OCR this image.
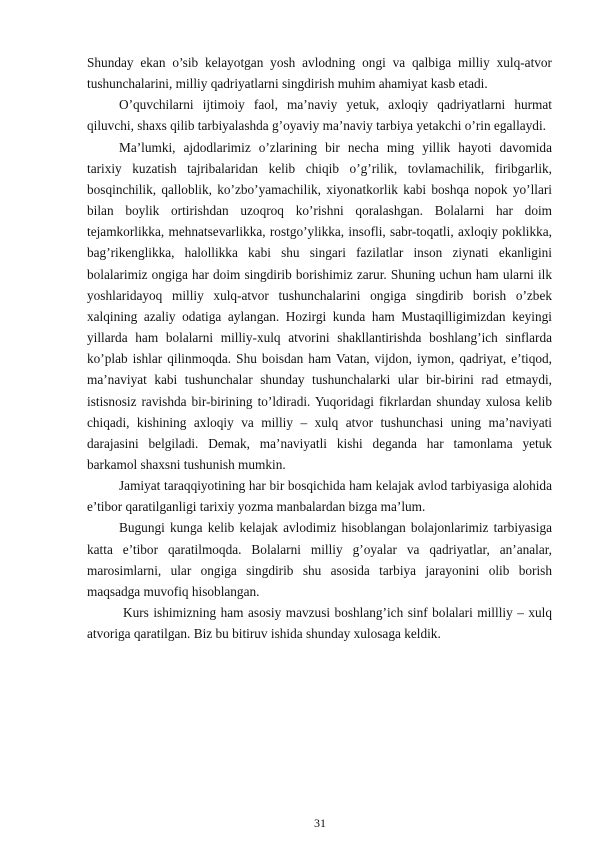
Shunday ekan o’sib kelayotgan yosh avlodning ongi va qalbiga milliy xulq-atvor tushunchalarini, milliy qadriyatlarni singdirish muhim ahamiyat kasb etadi.

O’quvchilarni ijtimoiy faol, ma’naviy yetuk, axloqiy qadriyatlarni hurmat qiluvchi, shaxs qilib tarbiyalashda g’oyaviy ma’naviy tarbiya yetakchi o’rin egallaydi.

Ma’lumki, ajdodlarimiz o’zlarining bir necha ming yillik hayoti davomida tarixiy kuzatish tajribalaridan kelib chiqib o’g’rilik, tovlamachilik, firibgarlik, bosqinchilik, qalloblik, ko’zbo’yamachilik, xiyonatkorlik kabi boshqa nopok yo’llari bilan boylik ortirishdan uzoqroq ko’rishni qoralashgan. Bolalarni har doim tejamkorlikka, mehnatsevarlikka, rostgo’ylikka, insofli, sabr-toqatli, axloqiy poklikka, bag’rikenglikka, halollikka kabi shu singari fazilatlar inson ziynati ekanligini bolalarimiz ongiga har doim singdirib borishimiz zarur. Shuning uchun ham ularni ilk yoshlaridayoq milliy xulq-atvor tushunchalarini ongiga singdirib borish o’zbek xalqining azaliy odatiga aylangan. Hozirgi kunda ham Mustaqilligimizdan keyingi yillarda ham bolalarni milliy-xulq atvorini shakllantirishda boshlang’ich sinflarda ko’plab ishlar qilinmoqda. Shu boisdan ham Vatan, vijdon, iymon, qadriyat, e’tiqod, ma’naviyat kabi tushunchalar shunday tushunchalarki ular bir-birini rad etmaydi, istisnosiz ravishda bir-birining to’ldiradi. Yuqoridagi fikrlardan shunday xulosa kelib chiqadi, kishining axloqiy va milliy – xulq atvor tushunchasi uning ma’naviyati darajasini belgiladi. Demak, ma’naviyatli kishi deganda har tamonlama yetuk barkamol shaxsni tushunish mumkin.

Jamiyat taraqqiyotining har bir bosqichida ham kelajak avlod tarbiyasiga alohida e’tibor qaratilganligi tarixiy yozma manbalardan bizga ma’lum.

Bugungi kunga kelib kelajak avlodimiz hisoblangan bolajonlarimiz tarbiyasiga katta e’tibor qaratilmoqda. Bolalarni milliy g’oyalar va qadriyatlar, an’analar, marosimlarni, ular ongiga singdirib shu asosida tarbiya jarayonini olib borish maqsadga muvofiq hisoblangan.

Kurs ishimizning ham asosiy mavzusi boshlang’ich sinf bolalari millliy – xulq atvoriga qaratilgan. Biz bu bitiruv ishida shunday xulosaga keldik.

31
